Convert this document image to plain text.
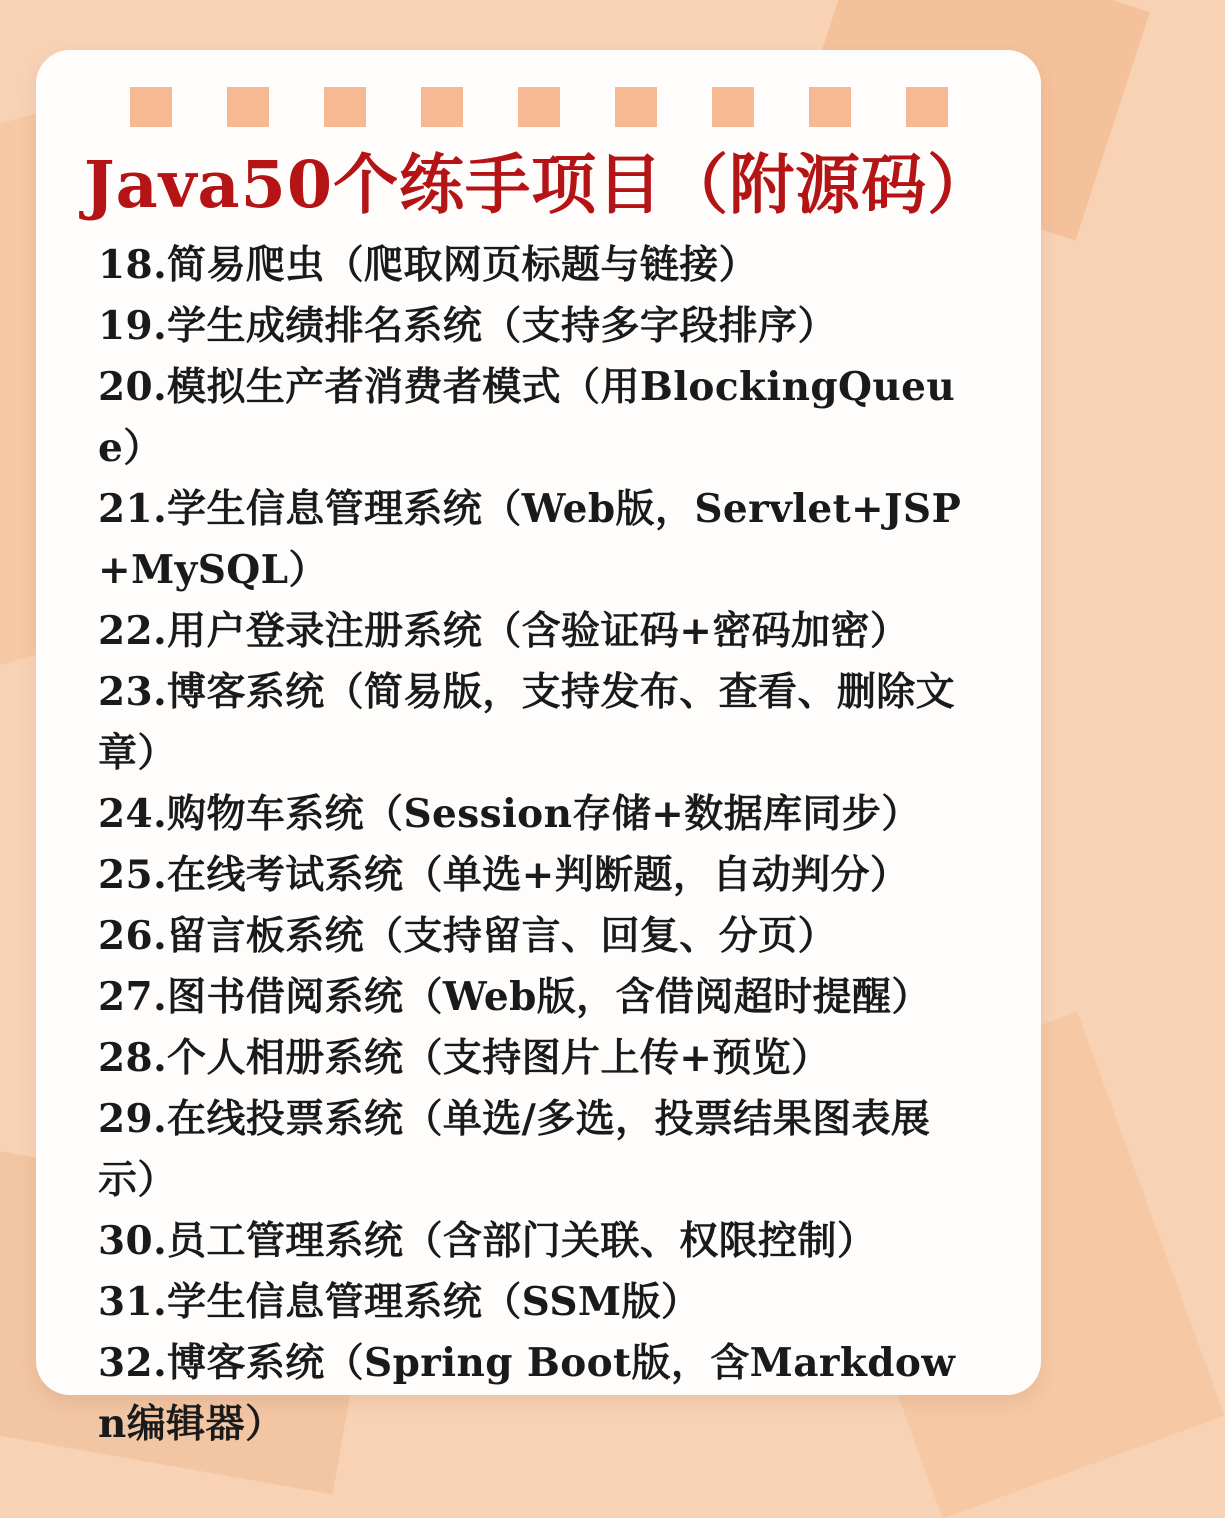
Java50个练手项目（附源码）
18.简易爬虫（爬取网页标题与链接）
19.学生成绩排名系统（支持多字段排序）
20.模拟生产者消费者模式（用BlockingQueue）
21.学生信息管理系统（Web版，Servlet+JSP+MySQL）
22.用户登录注册系统（含验证码+密码加密）
23.博客系统（简易版，支持发布、查看、删除文章）
24.购物车系统（Session存储+数据库同步）
25.在线考试系统（单选+判断题，自动判分）
26.留言板系统（支持留言、回复、分页）
27.图书借阅系统（Web版，含借阅超时提醒）
28.个人相册系统（支持图片上传+预览）
29.在线投票系统（单选/多选，投票结果图表展示）
30.员工管理系统（含部门关联、权限控制）
31.学生信息管理系统（SSM版）
32.博客系统（Spring Boot版，含Markdown编辑器）
